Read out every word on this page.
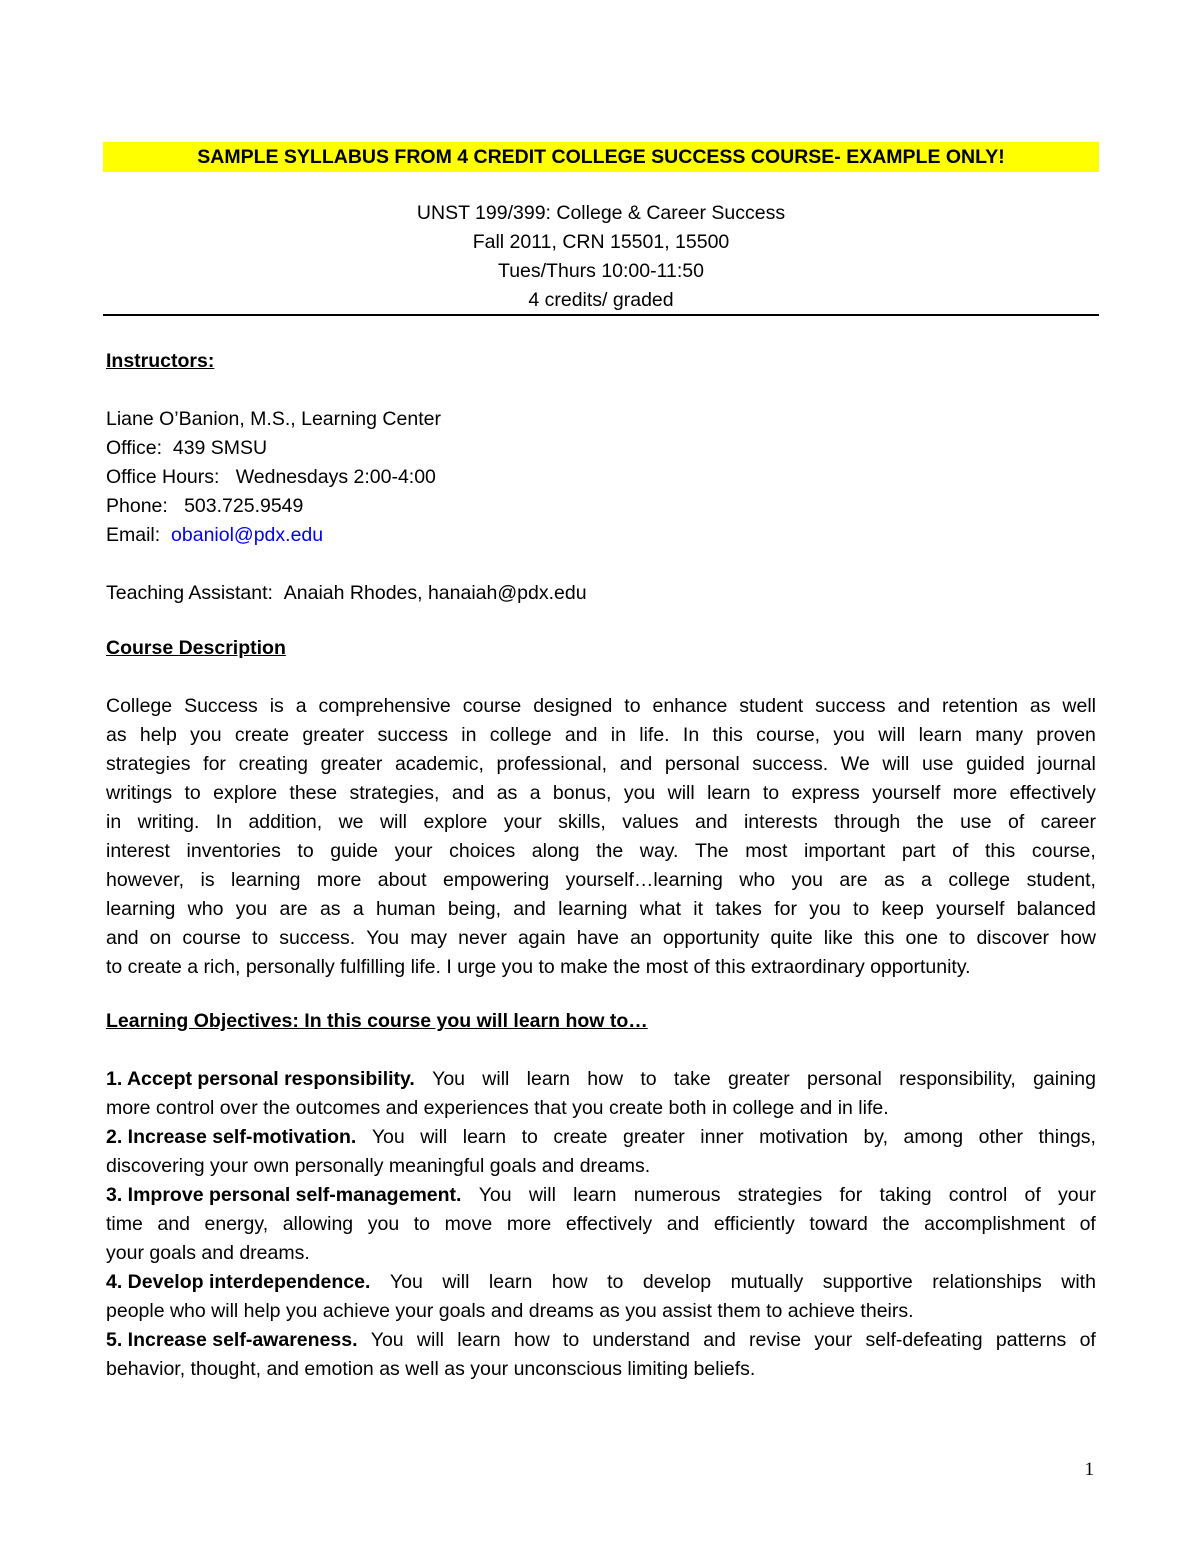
SAMPLE SYLLABUS FROM 4 CREDIT COLLEGE SUCCESS COURSE- EXAMPLE ONLY!
UNST 199/399: College & Career Success
Fall 2011, CRN 15501, 15500
Tues/Thurs 10:00-11:50
4 credits/ graded
Instructors:
Liane O’Banion, M.S., Learning Center
Office: 439 SMSU
Office Hours: Wednesdays 2:00-4:00
Phone: 503.725.9549
Email: obaniol@pdx.edu
Teaching Assistant: Anaiah Rhodes, hanaiah@pdx.edu
Course Description
College Success is a comprehensive course designed to enhance student success and retention as well
as help you create greater success in college and in life. In this course, you will learn many proven
strategies for creating greater academic, professional, and personal success. We will use guided journal
writings to explore these strategies, and as a bonus, you will learn to express yourself more effectively
in writing. In addition, we will explore your skills, values and interests through the use of career
interest inventories to guide your choices along the way. The most important part of this course,
however, is learning more about empowering yourself…learning who you are as a college student,
learning who you are as a human being, and learning what it takes for you to keep yourself balanced
and on course to success. You may never again have an opportunity quite like this one to discover how
to create a rich, personally fulfilling life. I urge you to make the most of this extraordinary opportunity.
Learning Objectives: In this course you will learn how to…
1. Accept personal responsibility. You will learn how to take greater personal responsibility, gaining
more control over the outcomes and experiences that you create both in college and in life.
2. Increase self-motivation. You will learn to create greater inner motivation by, among other things,
discovering your own personally meaningful goals and dreams.
3. Improve personal self-management. You will learn numerous strategies for taking control of your
time and energy, allowing you to move more effectively and efficiently toward the accomplishment of
your goals and dreams.
4. Develop interdependence. You will learn how to develop mutually supportive relationships with
people who will help you achieve your goals and dreams as you assist them to achieve theirs.
5. Increase self-awareness. You will learn how to understand and revise your self-defeating patterns of
behavior, thought, and emotion as well as your unconscious limiting beliefs.
1
